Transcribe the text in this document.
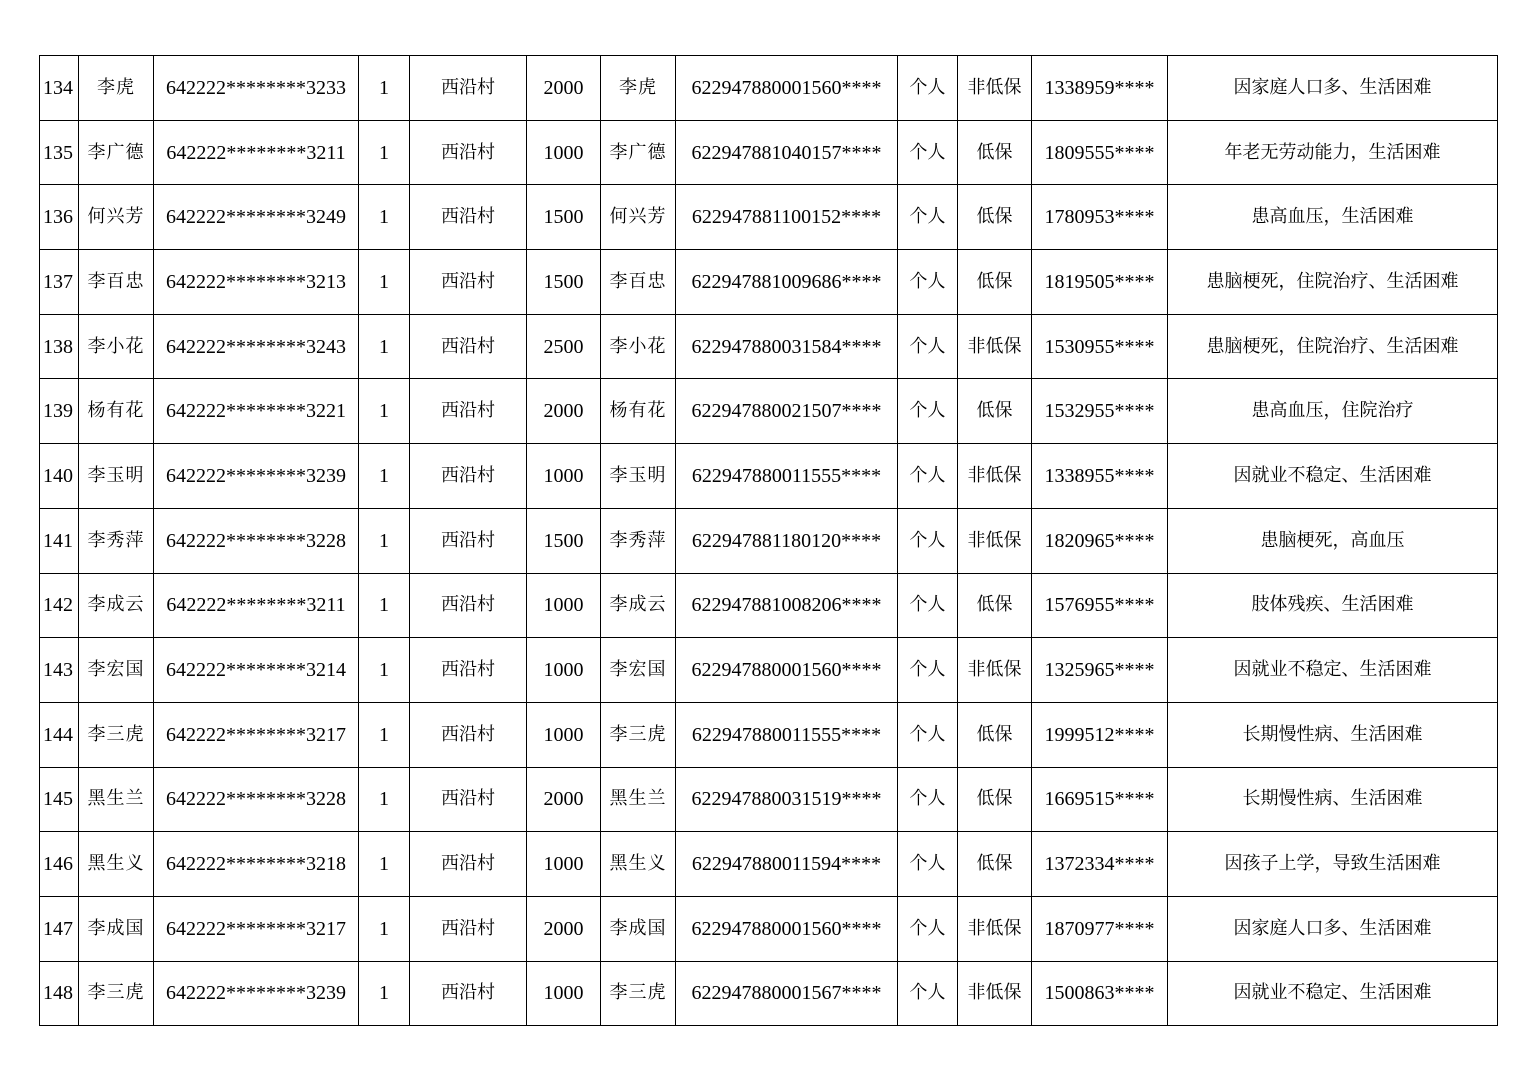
134	李虎	642222********3233	1	西沿村	2000	李虎	622947880001560****	个人	非低保	1338959****	因家庭人口多、生活困难
135	李广德	642222********3211	1	西沿村	1000	李广德	622947881040157****	个人	低保	1809555****	年老无劳动能力，生活困难
136	何兴芳	642222********3249	1	西沿村	1500	何兴芳	622947881100152****	个人	低保	1780953****	患高血压，生活困难
137	李百忠	642222********3213	1	西沿村	1500	李百忠	622947881009686****	个人	低保	1819505****	患脑梗死，住院治疗、生活困难
138	李小花	642222********3243	1	西沿村	2500	李小花	622947880031584****	个人	非低保	1530955****	患脑梗死，住院治疗、生活困难
139	杨有花	642222********3221	1	西沿村	2000	杨有花	622947880021507****	个人	低保	1532955****	患高血压，住院治疗
140	李玉明	642222********3239	1	西沿村	1000	李玉明	622947880011555****	个人	非低保	1338955****	因就业不稳定、生活困难
141	李秀萍	642222********3228	1	西沿村	1500	李秀萍	622947881180120****	个人	非低保	1820965****	患脑梗死，高血压
142	李成云	642222********3211	1	西沿村	1000	李成云	622947881008206****	个人	低保	1576955****	肢体残疾、生活困难
143	李宏国	642222********3214	1	西沿村	1000	李宏国	622947880001560****	个人	非低保	1325965****	因就业不稳定、生活困难
144	李三虎	642222********3217	1	西沿村	1000	李三虎	622947880011555****	个人	低保	1999512****	长期慢性病、生活困难
145	黑生兰	642222********3228	1	西沿村	2000	黑生兰	622947880031519****	个人	低保	1669515****	长期慢性病、生活困难
146	黑生义	642222********3218	1	西沿村	1000	黑生义	622947880011594****	个人	低保	1372334****	因孩子上学，导致生活困难
147	李成国	642222********3217	1	西沿村	2000	李成国	622947880001560****	个人	非低保	1870977****	因家庭人口多、生活困难
148	李三虎	642222********3239	1	西沿村	1000	李三虎	622947880001567****	个人	非低保	1500863****	因就业不稳定、生活困难
